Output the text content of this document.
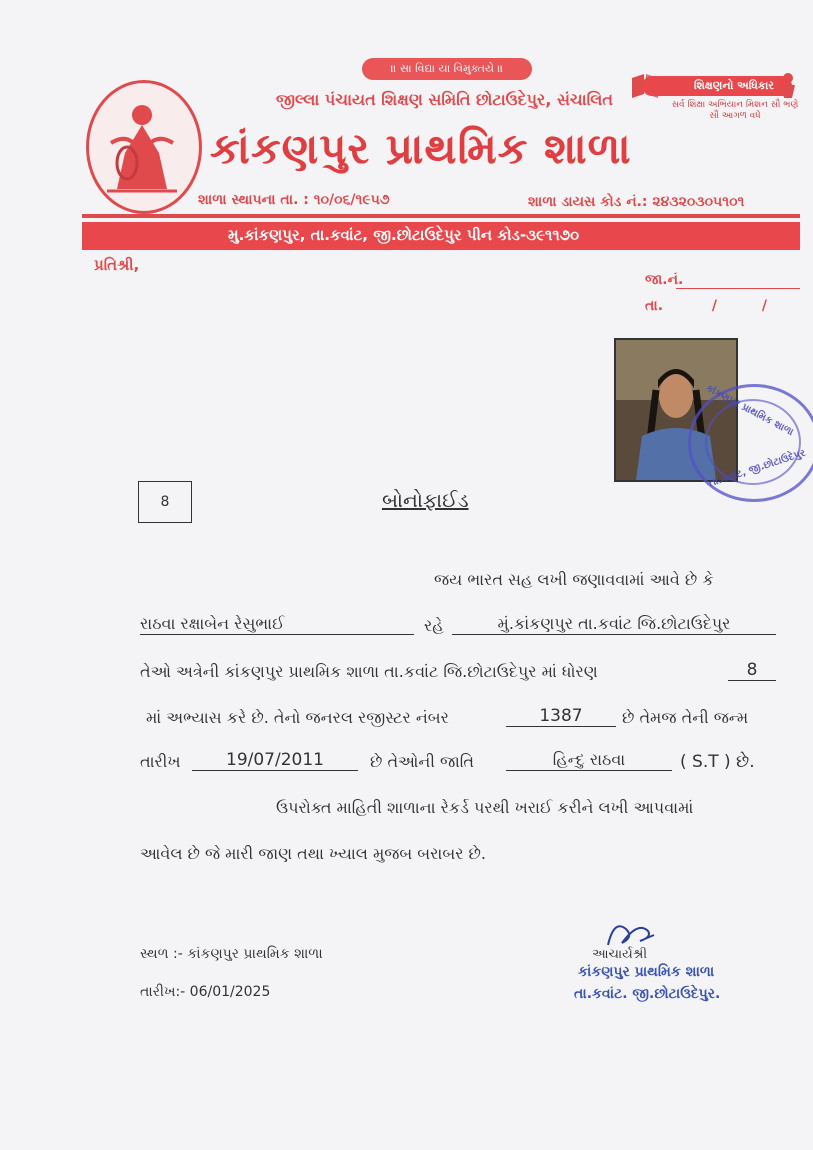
॥ સા વિદ્યા યા વિમુક્તયે ॥
જીલ્લા પંચાયત શિક્ષણ સમિતિ છોટાઉદેપુર, સંચાલિત
કાંકણપુર પ્રાથમિક શાળા
શાળા સ્થાપના તા. : ૧૦/૦૬/૧૯૫૭	શાળા ડાયસ કોડ નં.: ૨૪૩૨૦૩૦૫૧૦૧
મુ.કાંકણપુર, તા.કવાંટ, જી.છોટાઉદેપુર પીન કોડ-૩૯૧૧૭૦
શિક્ષણનો અધિકાર
સર્વ શિક્ષા અભિયાન મિશન સૌ ભણે સૌ આગળ વધે
પ્રતિશ્રી,
જા.નં.
તા.	/	/
કાંકણપુર પ્રાથમિક શાળા
તા.કવાંટ, જી.છોટાઉદેપુર
8	બોનોફાઈડ
જય ભારત સહ લખી જણાવવામાં આવે છે કે
રાઠવા રક્ષાબેન રેસુભાઈ	રહે	મું.કાંકણપુર તા.કવાંટ જિ.છોટાઉદેપુર
તેઓ અત્રેની કાંકણપુર પ્રાથમિક શાળા તા.કવાંટ જિ.છોટાઉદેપુર માં ધોરણ	8
માં અભ્યાસ કરે છે. તેનો જનરલ રજીસ્ટર નંબર	1387	છે તેમજ તેની જન્મ
તારીખ	19/07/2011	છે તેઓની જાતિ	હિન્દુ રાઠવા	( S.T ) છે.
ઉપરોક્ત માહિતી શાળાના રેકર્ડ પરથી ખરાઈ કરીને લખી આપવામાં
આવેલ છે જે મારી જાણ તથા ખ્યાલ મુજબ બરાબર છે.
આચાર્યશ્રી
કાંકણપુર પ્રાથમિક શાળા
તા.કવાંટ. જી.છોટાઉદેપુર.
સ્થળ :- કાંકણપુર પ્રાથમિક શાળા
તારીખ:- 06/01/2025
